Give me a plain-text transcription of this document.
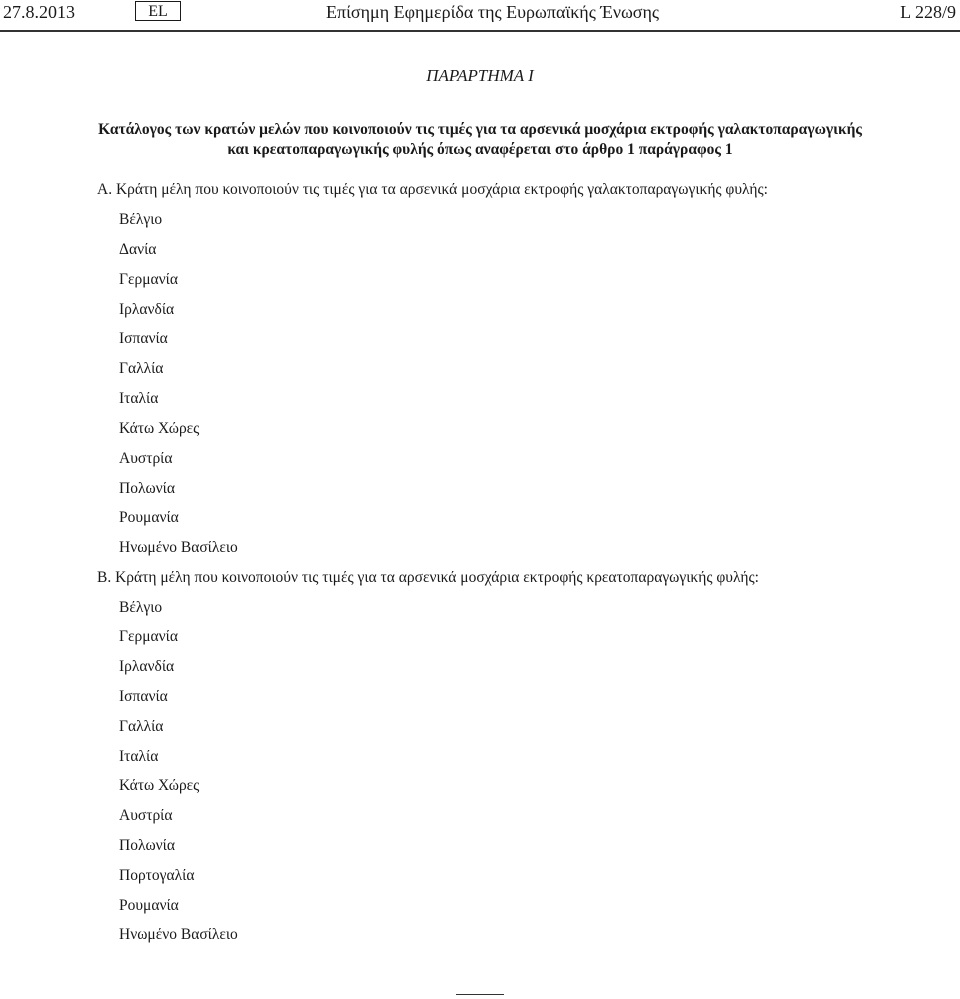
27.8.2013	EL	Επίσημη Εφημερίδα της Ευρωπαϊκής Ένωσης	L 228/9
ΠΑΡΑΡΤΗΜΑ I
Κατάλογος των κρατών μελών που κοινοποιούν τις τιμές για τα αρσενικά μοσχάρια εκτροφής γαλακτοπαραγωγικής
και κρεατοπαραγωγικής φυλής όπως αναφέρεται στο άρθρο 1 παράγραφος 1
Α. Κράτη μέλη που κοινοποιούν τις τιμές για τα αρσενικά μοσχάρια εκτροφής γαλακτοπαραγωγικής φυλής:
Βέλγιο
Δανία
Γερμανία
Ιρλανδία
Ισπανία
Γαλλία
Ιταλία
Κάτω Χώρες
Αυστρία
Πολωνία
Ρουμανία
Ηνωμένο Βασίλειο
Β. Κράτη μέλη που κοινοποιούν τις τιμές για τα αρσενικά μοσχάρια εκτροφής κρεατοπαραγωγικής φυλής:
Βέλγιο
Γερμανία
Ιρλανδία
Ισπανία
Γαλλία
Ιταλία
Κάτω Χώρες
Αυστρία
Πολωνία
Πορτογαλία
Ρουμανία
Ηνωμένο Βασίλειο
